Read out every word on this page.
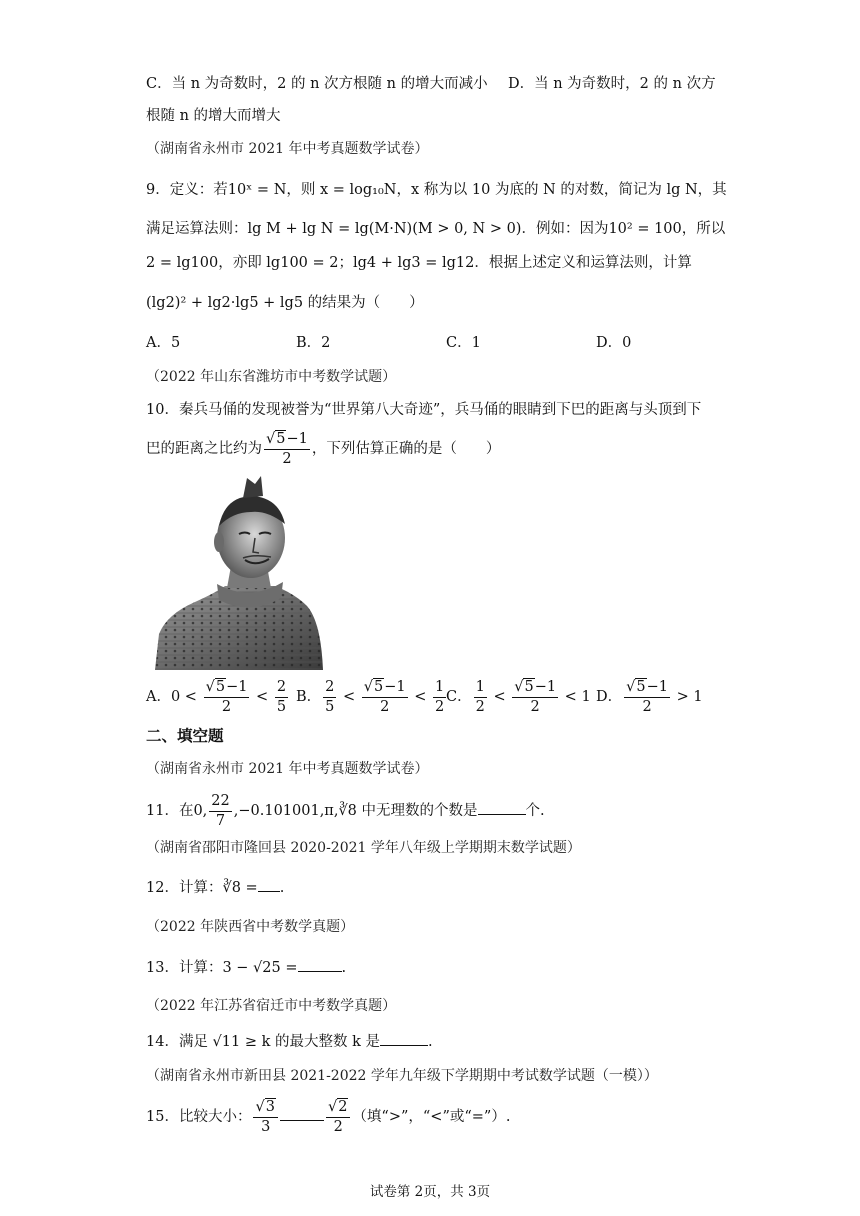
C．当 n 为奇数时，2 的 n 次方根随 n 的增大而减小 D．当 n 为奇数时，2 的 n 次方
根随 n 的增大而增大
（湖南省永州市 2021 年中考真题数学试卷）
9．定义：若10ˣ = N，则 x = log₁₀N，x 称为以 10 为底的 N 的对数，简记为 lg N，其
满足运算法则：lg M + lg N = lg(M·N)(M > 0, N > 0)．例如：因为10² = 100，所以
2 = lg100，亦即 lg100 = 2；lg4 + lg3 = lg12．根据上述定义和运算法则，计算
(lg2)² + lg2·lg5 + lg5 的结果为（　　）
A．5	B．2	C．1	D．0
（2022 年山东省潍坊市中考数学试题）
10．秦兵马俑的发现被誉为“世界第八大奇迹”，兵马俑的眼睛到下巴的距离与头顶到下
巴的距离之比约为 $\frac{√5-1}{2}$ ，下列估算正确的是（　　）
A．$0 < \frac{√5-1}{2} < \frac{2}{5}$ B． $\frac{2}{5} < \frac{√5-1}{2} < \frac{1}{2}$ C． $\frac{1}{2} < \frac{√5-1}{2} < 1$ D． $\frac{√5-1}{2} > 1$
二、填空题
（湖南省永州市 2021 年中考真题数学试卷）
11．在0, $\frac{22}{7}$ ,−0.101001,π,∛8 中无理数的个数是	个.
（湖南省邵阳市隆回县 2020-2021 学年八年级上学期期末数学试题）
12．计算：∛8 = .
（2022 年陕西省中考数学真题）
13．计算：3 − √25 =	.
（2022 年江苏省宿迁市中考数学真题）
14．满足 √11 ≥ k 的最大整数 k 是	.
（湖南省永州市新田县 2021-2022 学年九年级下学期期中考试数学试题（一模））
15．比较大小： $\frac{√3}{3}$	$\frac{√2}{2}$ （填“>”，“<”或“=”）.
试卷第 2页，共 3页
